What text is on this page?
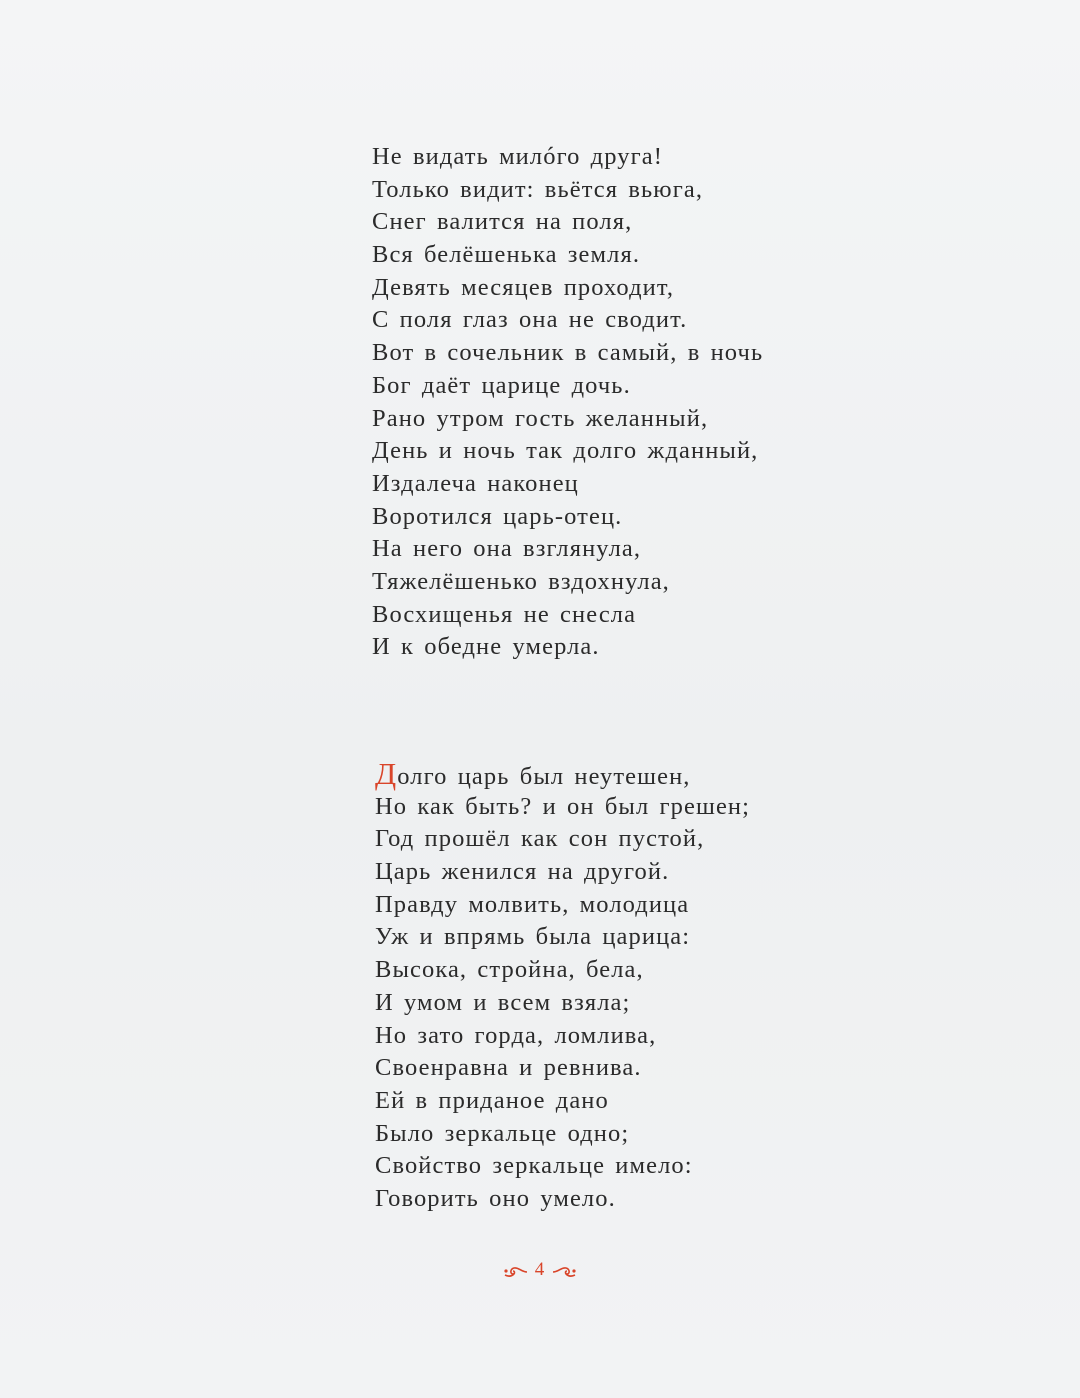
Не видать милóго друга!
Только видит: вьётся вьюга,
Снег валится на поля,
Вся белёшенька земля.
Девять месяцев проходит,
С поля глаз она не сводит.
Вот в сочельник в самый, в ночь
Бог даёт царице дочь.
Рано утром гость желанный,
День и ночь так долго жданный,
Издалеча наконец
Воротился царь-отец.
На него она взглянула,
Тяжелёшенько вздохнула,
Восхищенья не снесла
И к обедне умерла.
Долго царь был неутешен,
Но как быть? и он был грешен;
Год прошёл как сон пустой,
Царь женился на другой.
Правду молвить, молодица
Уж и впрямь была царица:
Высока, стройна, бела,
И умом и всем взяла;
Но зато горда, ломлива,
Своенравна и ревнива.
Ей в приданое дано
Было зеркальце одно;
Свойство зеркальце имело:
Говорить оно умело.
4
